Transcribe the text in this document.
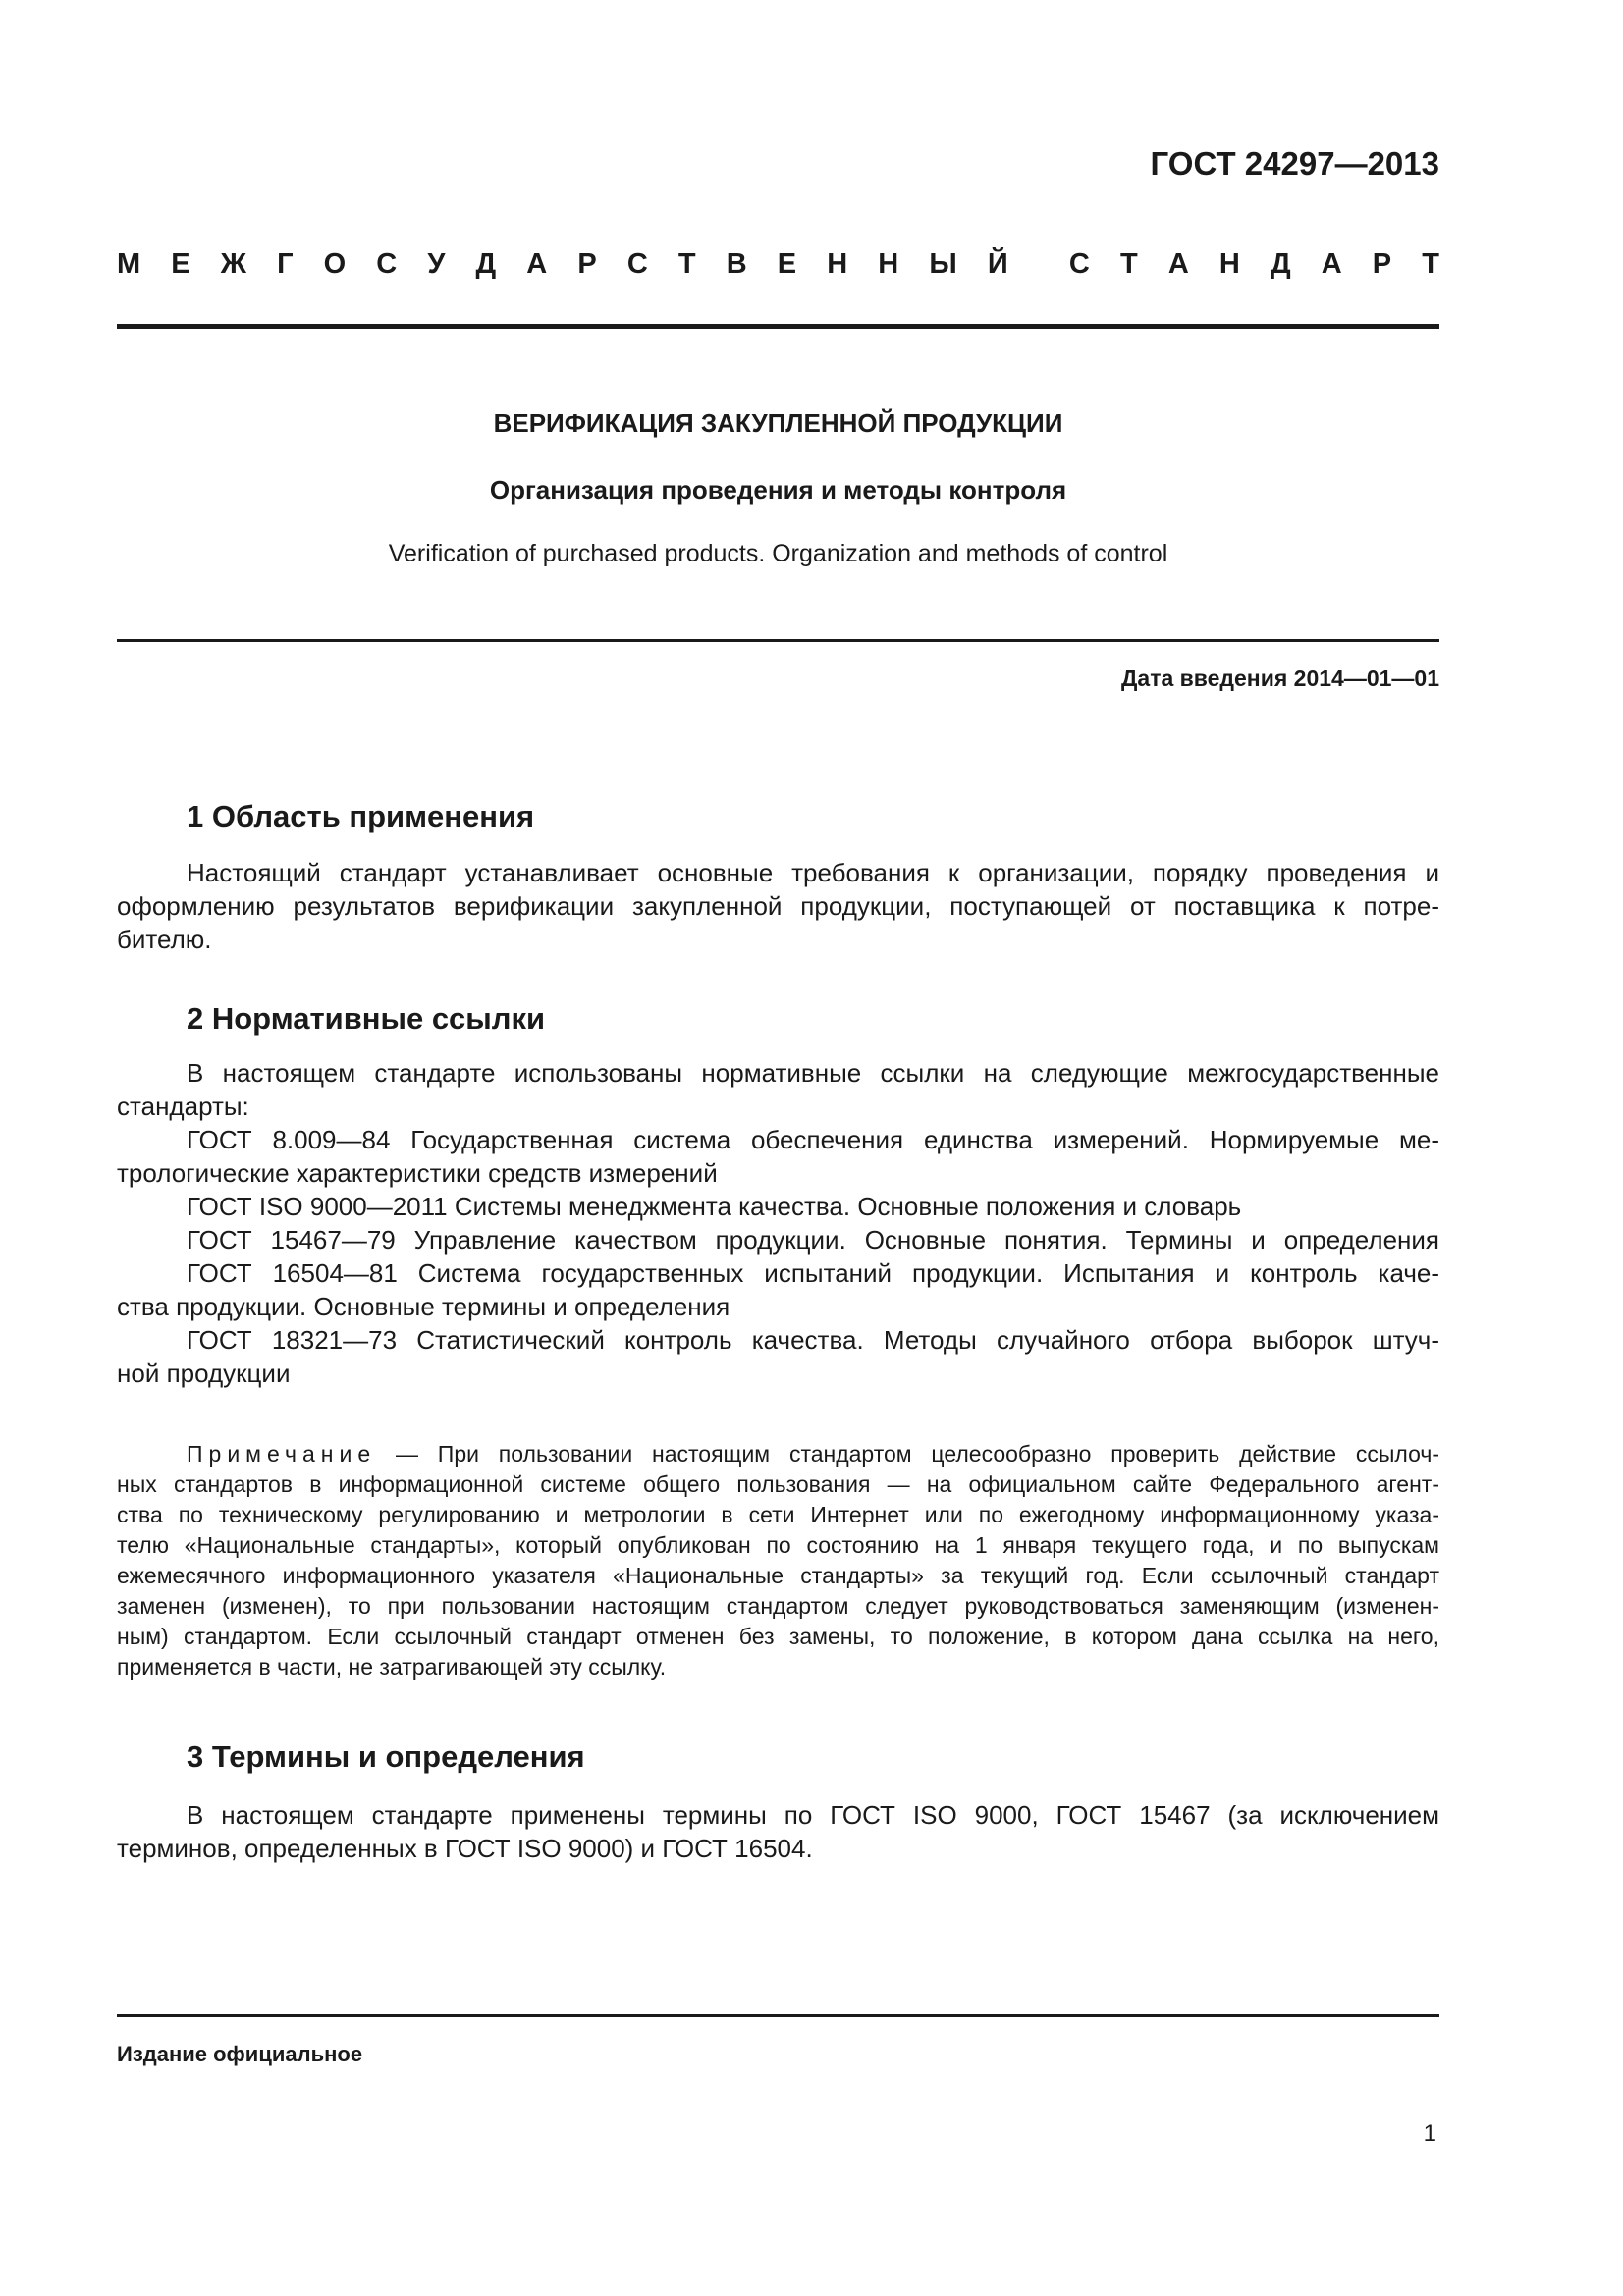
ГОСТ 24297—2013
М Е Ж Г О С У Д А Р С Т В Е Н Н Ы Й С Т А Н Д А Р Т
ВЕРИФИКАЦИЯ ЗАКУПЛЕННОЙ ПРОДУКЦИИ
Организация проведения и методы контроля
Verification of purchased products. Organization and methods of control
Дата введения 2014—01—01
1 Область применения
Настоящий стандарт устанавливает основные требования к организации, порядку проведения и
оформлению результатов верификации закупленной продукции, поступающей от поставщика к потре-
бителю.
2 Нормативные ссылки
В настоящем стандарте использованы нормативные ссылки на следующие межгосударственные
стандарты:
ГОСТ 8.009—84 Государственная система обеспечения единства измерений. Нормируемые ме-
трологические характеристики средств измерений
ГОСТ ISO 9000—2011 Системы менеджмента качества. Основные положения и словарь
ГОСТ 15467—79 Управление качеством продукции. Основные понятия. Термины и определения
ГОСТ 16504—81 Система государственных испытаний продукции. Испытания и контроль каче-
ства продукции. Основные термины и определения
ГОСТ 18321—73 Статистический контроль качества. Методы случайного отбора выборок штуч-
ной продукции
Примечание — При пользовании настоящим стандартом целесообразно проверить действие ссылоч-
ных стандартов в информационной системе общего пользования — на официальном сайте Федерального агент-
ства по техническому регулированию и метрологии в сети Интернет или по ежегодному информационному указа-
телю «Национальные стандарты», который опубликован по состоянию на 1 января текущего года, и по выпускам
ежемесячного информационного указателя «Национальные стандарты» за текущий год. Если ссылочный стандарт
заменен (изменен), то при пользовании настоящим стандартом следует руководствоваться заменяющим (изменен-
ным) стандартом. Если ссылочный стандарт отменен без замены, то положение, в котором дана ссылка на него,
применяется в части, не затрагивающей эту ссылку.
3 Термины и определения
В настоящем стандарте применены термины по ГОСТ ISO 9000, ГОСТ 15467 (за исключением
терминов, определенных в ГОСТ ISO 9000) и ГОСТ 16504.
Издание официальное
1
